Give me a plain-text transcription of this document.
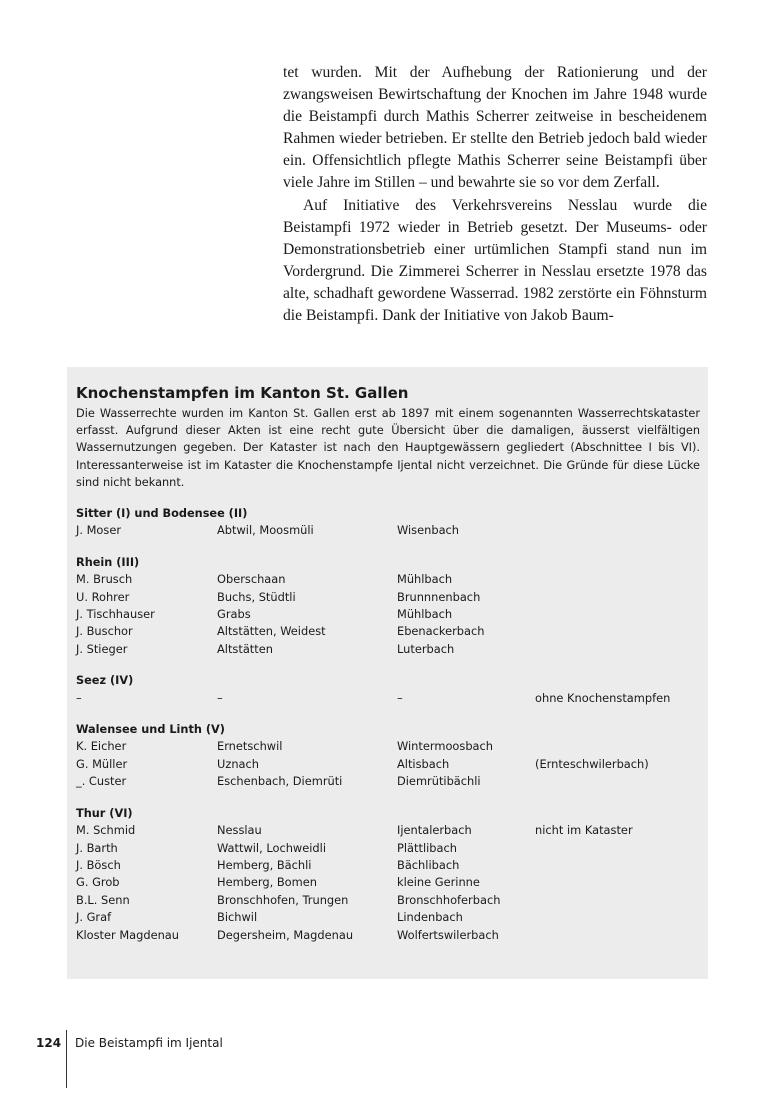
tet wurden. Mit der Aufhebung der Rationierung und der zwangsweisen Bewirtschaftung der Knochen im Jahre 1948 wurde die Beistampfi durch Mathis Scherrer zeitweise in bescheidenem Rahmen wieder betrieben. Er stellte den Betrieb jedoch bald wieder ein. Offensichtlich pflegte Mathis Scherrer seine Beistampfi über viele Jahre im Stillen – und bewahrte sie so vor dem Zerfall.

Auf Initiative des Verkehrsvereins Nesslau wurde die Beistampfi 1972 wieder in Betrieb gesetzt. Der Museums- oder Demonstrationsbetrieb einer urtümlichen Stampfi stand nun im Vordergrund. Die Zimmerei Scherrer in Nesslau ersetzte 1978 das alte, schadhaft gewordene Wasserrad. 1982 zerstörte ein Föhnsturm die Beistampfi. Dank der Initiative von Jakob Baum-

Knochenstampfen im Kanton St. Gallen

Die Wasserrechte wurden im Kanton St. Gallen erst ab 1897 mit einem sogenannten Wasserrechtskataster erfasst. Aufgrund dieser Akten ist eine recht gute Übersicht über die damaligen, äusserst vielfältigen Wassernutzungen gegeben. Der Kataster ist nach den Hauptgewässern gegliedert (Abschnittee I bis VI). Interessanterweise ist im Kataster die Knochenstampfe Ijental nicht verzeichnet. Die Gründe für diese Lücke sind nicht bekannt.

Sitter (I) und Bodensee (II)
J. Moser	Abtwil, Moosmüli	Wisenbach
Rhein (III)
M. Brusch	Oberschaan	Mühlbach
U. Rohrer	Buchs, Stüdtli	Brunnnenbach
J. Tischhauser	Grabs	Mühlbach
J. Buschor	Altstätten, Weidest	Ebenackerbach
J. Stieger	Altstätten	Luterbach
Seez (IV)
–	–	–	ohne Knochenstampfen
Walensee und Linth (V)
K. Eicher	Ernetschwil	Wintermoosbach
G. Müller	Uznach	Altisbach	(Ernteschwilerbach)
_. Custer	Eschenbach, Diemrüti	Diemrütibächli
Thur (VI)
M. Schmid	Nesslau	Ijentalerbach	nicht im Kataster
J. Barth	Wattwil, Lochweidli	Plättlibach
J. Bösch	Hemberg, Bächli	Bächlibach
G. Grob	Hemberg, Bomen	kleine Gerinne
B.L. Senn	Bronschhofen, Trungen	Bronschhoferbach
J. Graf	Bichwil	Lindenbach
Kloster Magdenau	Degersheim, Magdenau	Wolfertswilerbach
124 Die Beistampfi im Ijental
